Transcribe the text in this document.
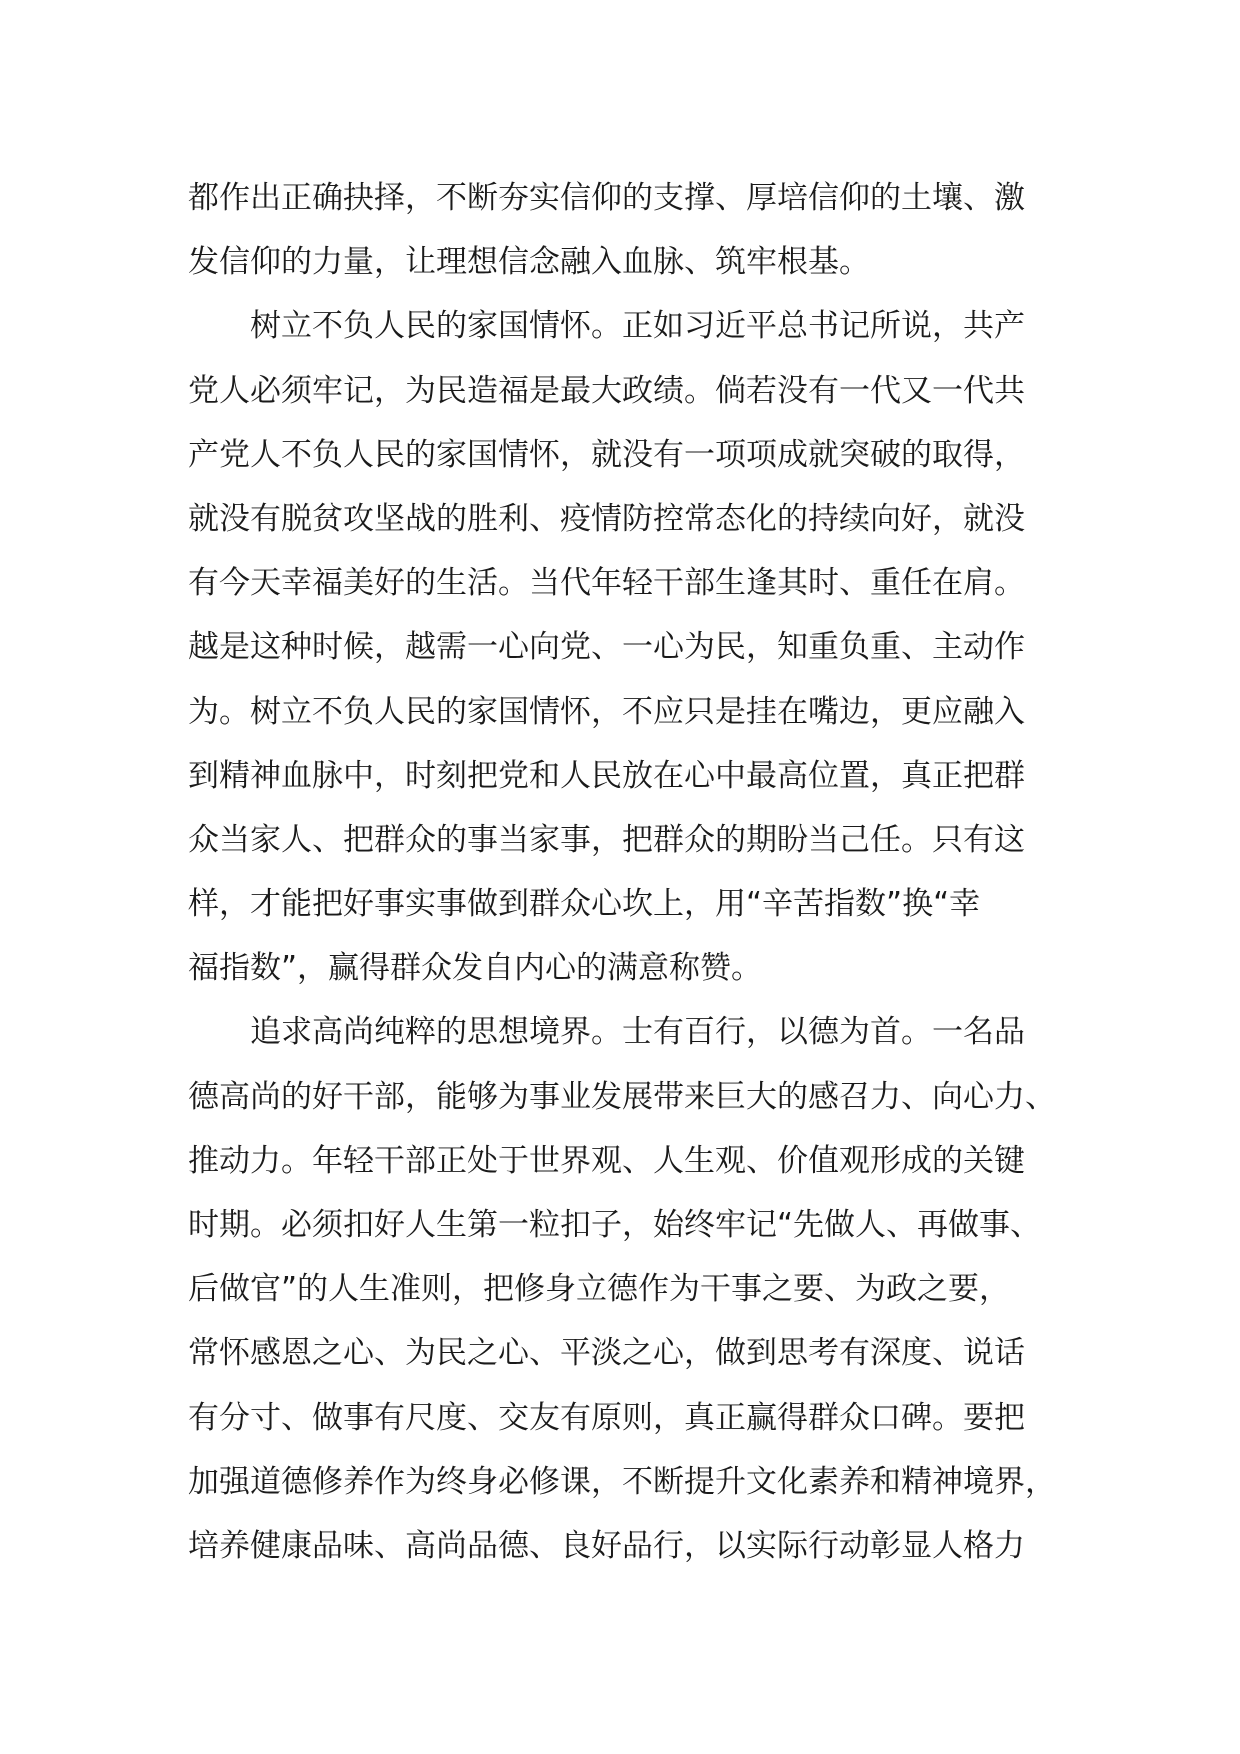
都作出正确抉择，不断夯实信仰的支撑、厚培信仰的土壤、激
发信仰的力量，让理想信念融入血脉、筑牢根基。
树立不负人民的家国情怀。正如习近平总书记所说，共产
党人必须牢记，为民造福是最大政绩。倘若没有一代又一代共
产党人不负人民的家国情怀，就没有一项项成就突破的取得，
就没有脱贫攻坚战的胜利、疫情防控常态化的持续向好，就没
有今天幸福美好的生活。当代年轻干部生逢其时、重任在肩。
越是这种时候，越需一心向党、一心为民，知重负重、主动作
为。树立不负人民的家国情怀，不应只是挂在嘴边，更应融入
到精神血脉中，时刻把党和人民放在心中最高位置，真正把群
众当家人、把群众的事当家事，把群众的期盼当己任。只有这
样，才能把好事实事做到群众心坎上，用“辛苦指数”换“幸
福指数”，赢得群众发自内心的满意称赞。
追求高尚纯粹的思想境界。士有百行，以德为首。一名品
德高尚的好干部，能够为事业发展带来巨大的感召力、向心力、
推动力。年轻干部正处于世界观、人生观、价值观形成的关键
时期。必须扣好人生第一粒扣子，始终牢记“先做人、再做事、
后做官”的人生准则，把修身立德作为干事之要、为政之要，
常怀感恩之心、为民之心、平淡之心，做到思考有深度、说话
有分寸、做事有尺度、交友有原则，真正赢得群众口碑。要把
加强道德修养作为终身必修课，不断提升文化素养和精神境界，
培养健康品味、高尚品德、良好品行，以实际行动彰显人格力
